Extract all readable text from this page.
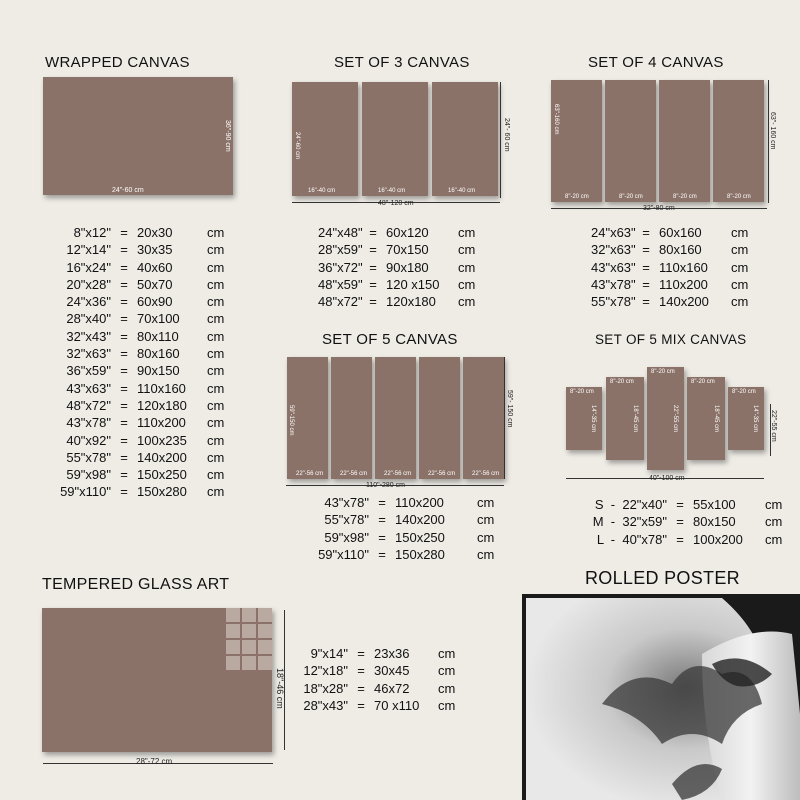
WRAPPED CANVAS
24"-60 cm
36"-90 cm
8"x12" = 20x30	cm
12"x14" = 30x35	cm
16"x24" = 40x60	cm
20"x28" = 50x70	cm
24"x36" = 60x90	cm
28"x40" = 70x100	cm
32"x43" = 80x110	cm
32"x63" = 80x160	cm
36"x59" = 90x150	cm
43"x63" = 110x160	cm
48"x72" = 120x180	cm
43"x78" = 110x200	cm
40"x92" = 100x235	cm
55"x78" = 140x200	cm
59"x98" = 150x250	cm
59"x110" = 150x280	cm
SET OF 3 CANVAS
16"-40 cm	16"-40 cm	16"-40 cm
24"-60 cm	24"- 60 cm
48"-120 cm
24"x48" = 60x120	cm
28"x59" = 70x150	cm
36"x72" = 90x180	cm
48"x59" = 120 x150	cm
48"x72" = 120x180	cm
SET OF 4 CANVAS
8"-20 cm	8"-20 cm	8"-20 cm	8"-20 cm
63"-160 cm	63"- 160 cm
32"-80 cm
24"x63" = 60x160	cm
32"x63" = 80x160	cm
43"x63" = 110x160	cm
43"x78" = 110x200	cm
55"x78" = 140x200	cm
SET OF 5 CANVAS
22"-56 cm	22"-56 cm	22"-56 cm	22"-56 cm	22"-56 cm
59"-150 cm	59"- 150 cm
110"-280 cm
43"x78" = 110x200	cm
55"x78" = 140x200	cm
59"x98" = 150x250	cm
59"x110" = 150x280	cm
SET OF 5 MIX CANVAS
8"-20 cm
14"-35 cm
8"-20 cm
18"-45 cm
8"-20 cm
22"-55 cm
8"-20 cm
18"-45 cm
8"-20 cm
14"-35 cm 22"-55 cm
40"-100 cm
S  -  22"x40" = 55x100	cm
M  -  32"x59" = 80x150	cm
L  -  40"x78" = 100x200	cm
TEMPERED GLASS ART
18"-46 cm
28"-72 cm
9"x14" = 23x36	cm
12"x18" = 30x45	cm
18"x28" = 46x72	cm
28"x43" = 70 x110	cm
ROLLED POSTER
